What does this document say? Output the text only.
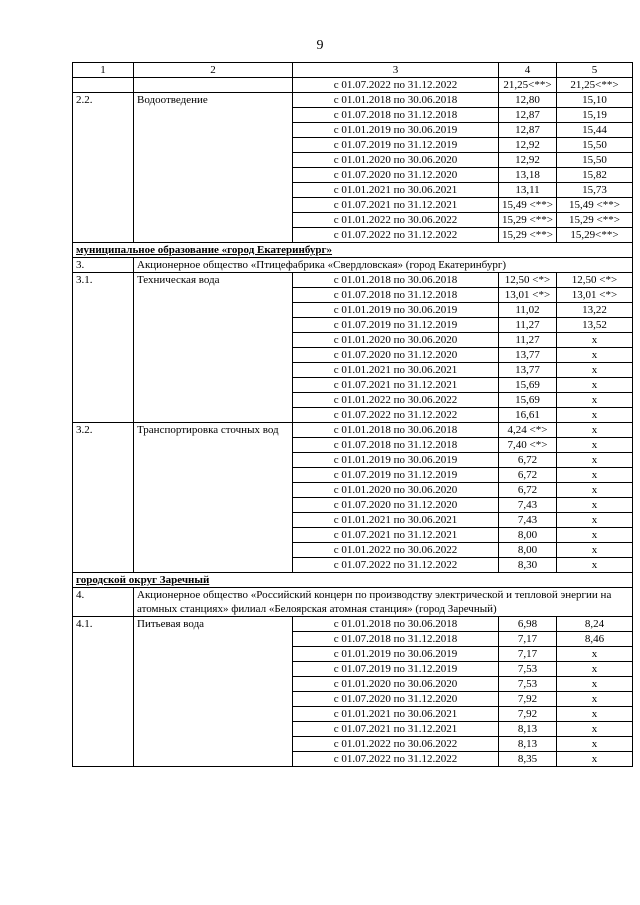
9
1	2	3	4	5
		с 01.07.2022 по 31.12.2022	21,25<**>	21,25<**>
2.2.	Водоотведение	с 01.01.2018 по 30.06.2018	12,80	15,10
		с 01.07.2018 по 31.12.2018	12,87	15,19
		с 01.01.2019 по 30.06.2019	12,87	15,44
		с 01.07.2019 по 31.12.2019	12,92	15,50
		с 01.01.2020 по 30.06.2020	12,92	15,50
		с 01.07.2020 по 31.12.2020	13,18	15,82
		с 01.01.2021 по 30.06.2021	13,11	15,73
		с 01.07.2021 по 31.12.2021	15,49 <**>	15,49 <**>
		с 01.01.2022 по 30.06.2022	15,29 <**>	15,29 <**>
		с 01.07.2022 по 31.12.2022	15,29 <**>	15,29<**>
муниципальное образование «город Екатеринбург»				
3.	Акционерное общество «Птицефабрика «Свердловская» (город Екатеринбург)			
3.1.	Техническая вода	с 01.01.2018 по 30.06.2018	12,50 <*>	12,50 <*>
		с 01.07.2018 по 31.12.2018	13,01 <*>	13,01 <*>
		с 01.01.2019 по 30.06.2019	11,02	13,22
		с 01.07.2019 по 31.12.2019	11,27	13,52
		с 01.01.2020 по 30.06.2020	11,27	х
		с 01.07.2020 по 31.12.2020	13,77	х
		с 01.01.2021 по 30.06.2021	13,77	х
		с 01.07.2021 по 31.12.2021	15,69	х
		с 01.01.2022 по 30.06.2022	15,69	х
		с 01.07.2022 по 31.12.2022	16,61	х
3.2.	Транспортировка сточных вод	с 01.01.2018 по 30.06.2018	4,24 <*>	х
		с 01.07.2018 по 31.12.2018	7,40 <*>	х
		с 01.01.2019 по 30.06.2019	6,72	х
		с 01.07.2019 по 31.12.2019	6,72	х
		с 01.01.2020 по 30.06.2020	6,72	х
		с 01.07.2020 по 31.12.2020	7,43	х
		с 01.01.2021 по 30.06.2021	7,43	х
		с 01.07.2021 по 31.12.2021	8,00	х
		с 01.01.2022 по 30.06.2022	8,00	х
		с 01.07.2022 по 31.12.2022	8,30	х
городской округ Заречный				
4.	Акционерное общество «Российский концерн по производству электрической и тепловой энергии на атомных станциях» филиал «Белоярская атомная станция» (город Заречный)			
4.1.	Питьевая вода	с 01.01.2018 по 30.06.2018	6,98	8,24
		с 01.07.2018 по 31.12.2018	7,17	8,46
		с 01.01.2019 по 30.06.2019	7,17	х
		с 01.07.2019 по 31.12.2019	7,53	х
		с 01.01.2020 по 30.06.2020	7,53	х
		с 01.07.2020 по 31.12.2020	7,92	х
		с 01.01.2021 по 30.06.2021	7,92	х
		с 01.07.2021 по 31.12.2021	8,13	х
		с 01.01.2022 по 30.06.2022	8,13	х
		с 01.07.2022 по 31.12.2022	8,35	х
